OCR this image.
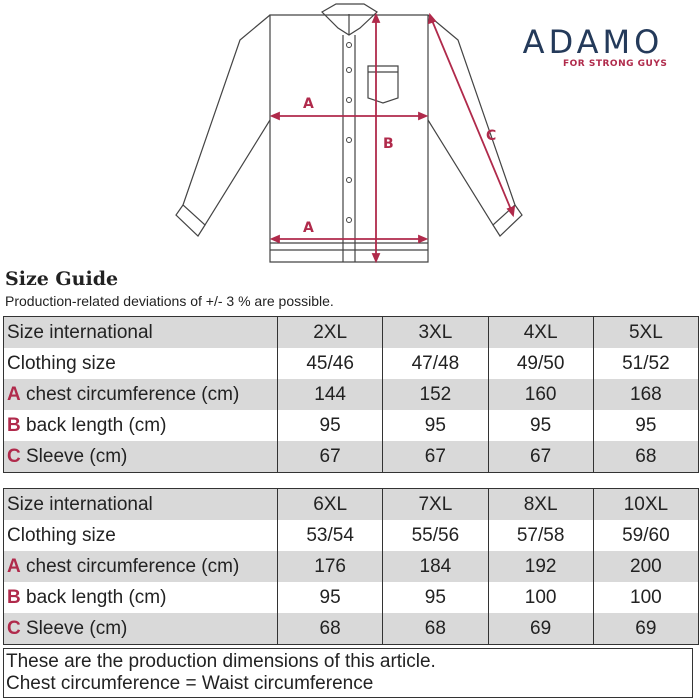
A
A
B	C
ADAMO
FOR STRONG GUYS
Size Guide
Production-related deviations of +/- 3 % are possible.
Size international	2XL	3XL	4XL	5XL
Clothing size	45/46	47/48	49/50	51/52
A chest circumference (cm)	144	152	160	168
B back length (cm)	95	95	95	95
C Sleeve (cm)	67	67	67	68
Size international	6XL	7XL	8XL	10XL
Clothing size	53/54	55/56	57/58	59/60
A chest circumference (cm)	176	184	192	200
B back length (cm)	95	95	100	100
C Sleeve (cm)	68	68	69	69
These are the production dimensions of this article.
Chest circumference = Waist circumference
